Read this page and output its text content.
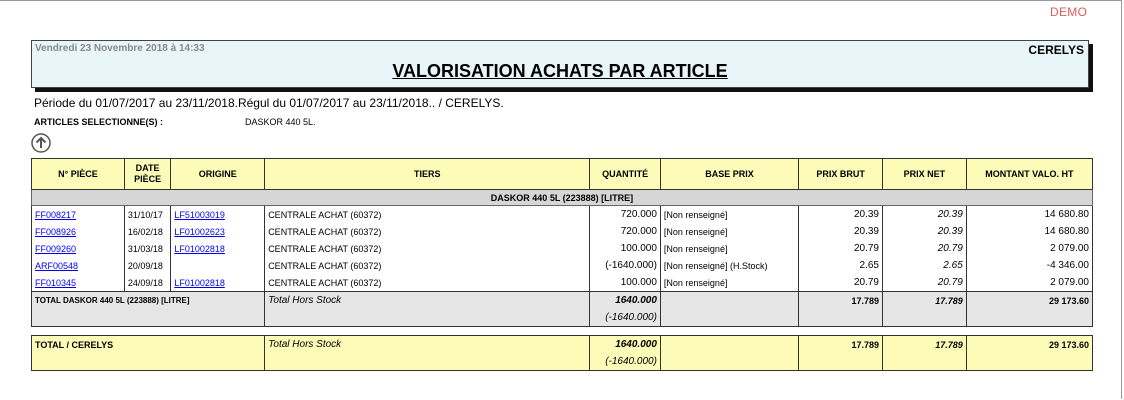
DEMO
Vendredi 23 Novembre 2018 à 14:33	CERELYS
VALORISATION ACHATS PAR ARTICLE
Période du 01/07/2017 au 23/11/2018.Régul du 01/07/2017 au 23/11/2018.. / CERELYS.
ARTICLES SELECTIONNE(S) :	DASKOR 440 5L.
N° PIÈCE	DATE PIÈCE	ORIGINE	TIERS	QUANTITÉ	BASE PRIX	PRIX BRUT	PRIX NET	MONTANT VALO. HT
DASKOR 440 5L (223888) [LITRE]								
FF008217	31/10/17	LF51003019	CENTRALE ACHAT (60372)	720.000	[Non renseigné]	20.39	20.39	14 680.80
FF008926	16/02/18	LF01002623	CENTRALE ACHAT (60372)	720.000	[Non renseigné]	20.39	20.39	14 680.80
FF009260	31/03/18	LF01002818	CENTRALE ACHAT (60372)	100.000	[Non renseigné]	20.79	20.79	2 079.00
ARF00548	20/09/18		CENTRALE ACHAT (60372)	(-1640.000)	[Non renseigné] (H.Stock)	2.65	2.65	-4 346.00
FF010345	24/09/18	LF01002818	CENTRALE ACHAT (60372)	100.000	[Non renseigné]	20.79	20.79	2 079.00
TOTAL DASKOR 440 5L (223888) [LITRE]			Total Hors Stock	1640.000		17.789	17.789	29 173.60
				(-1640.000)				

TOTAL / CERELYS			Total Hors Stock	1640.000		17.789	17.789	29 173.60
				(-1640.000)				
